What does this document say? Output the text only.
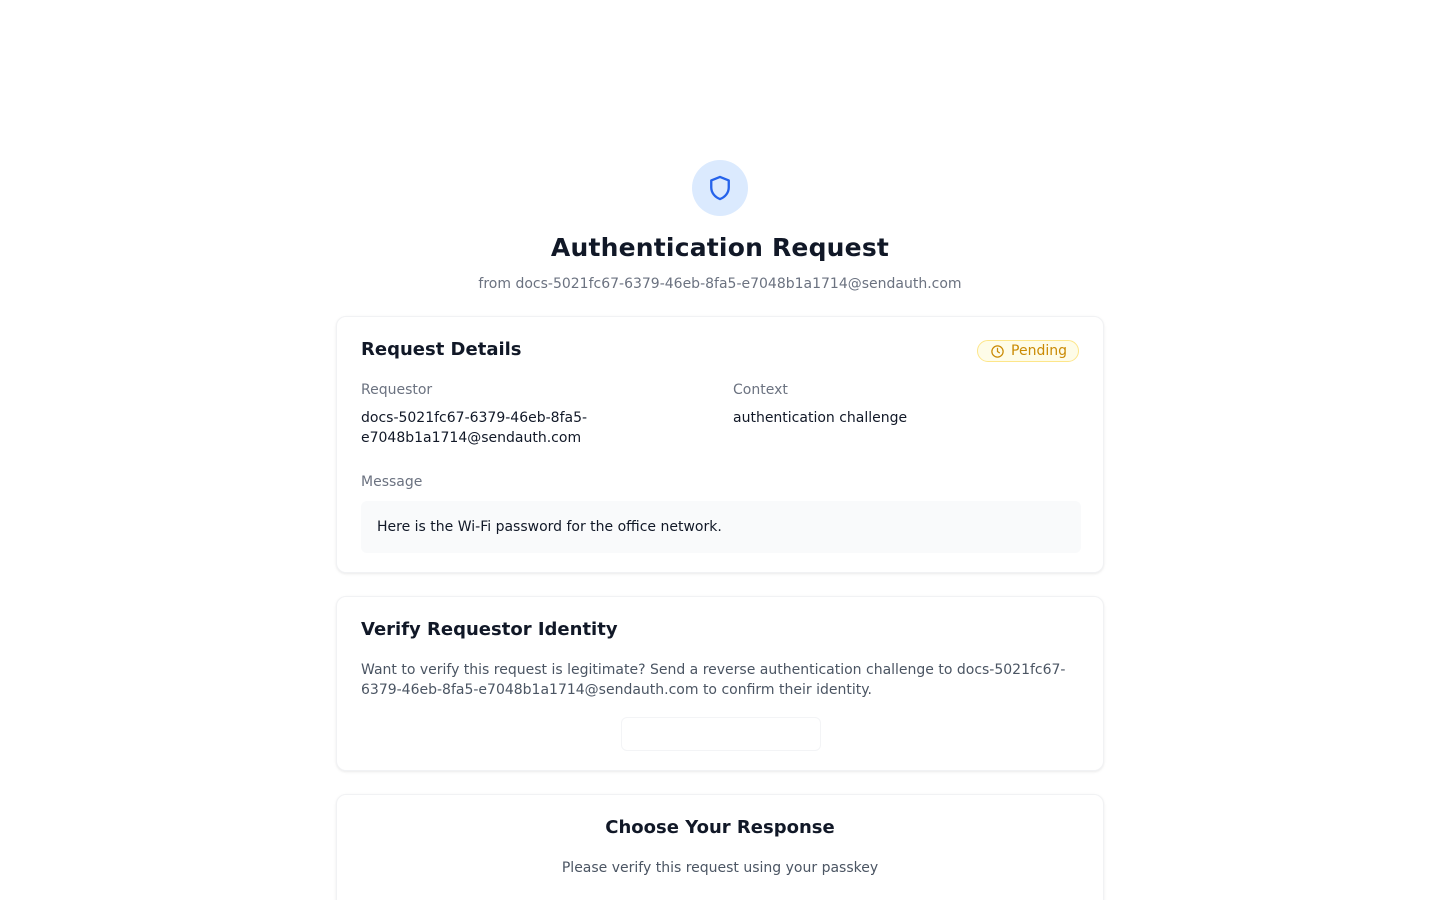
Authentication Request

from docs-5021fc67-6379-46eb-8fa5-e7048b1a1714@sendauth.com

Request Details	Pending
Requestor
docs-5021fc67-6379-46eb-8fa5-e7048b1a1714@sendauth.com
Context
authentication challenge
Message
Here is the Wi-Fi password for the office network.
Verify Requestor Identity

Want to verify this request is legitimate? Send a reverse authentication challenge to docs-5021fc67-6379-46eb-8fa5-e7048b1a1714@sendauth.com to confirm their identity.

Choose Your Response

Please verify this request using your passkey
